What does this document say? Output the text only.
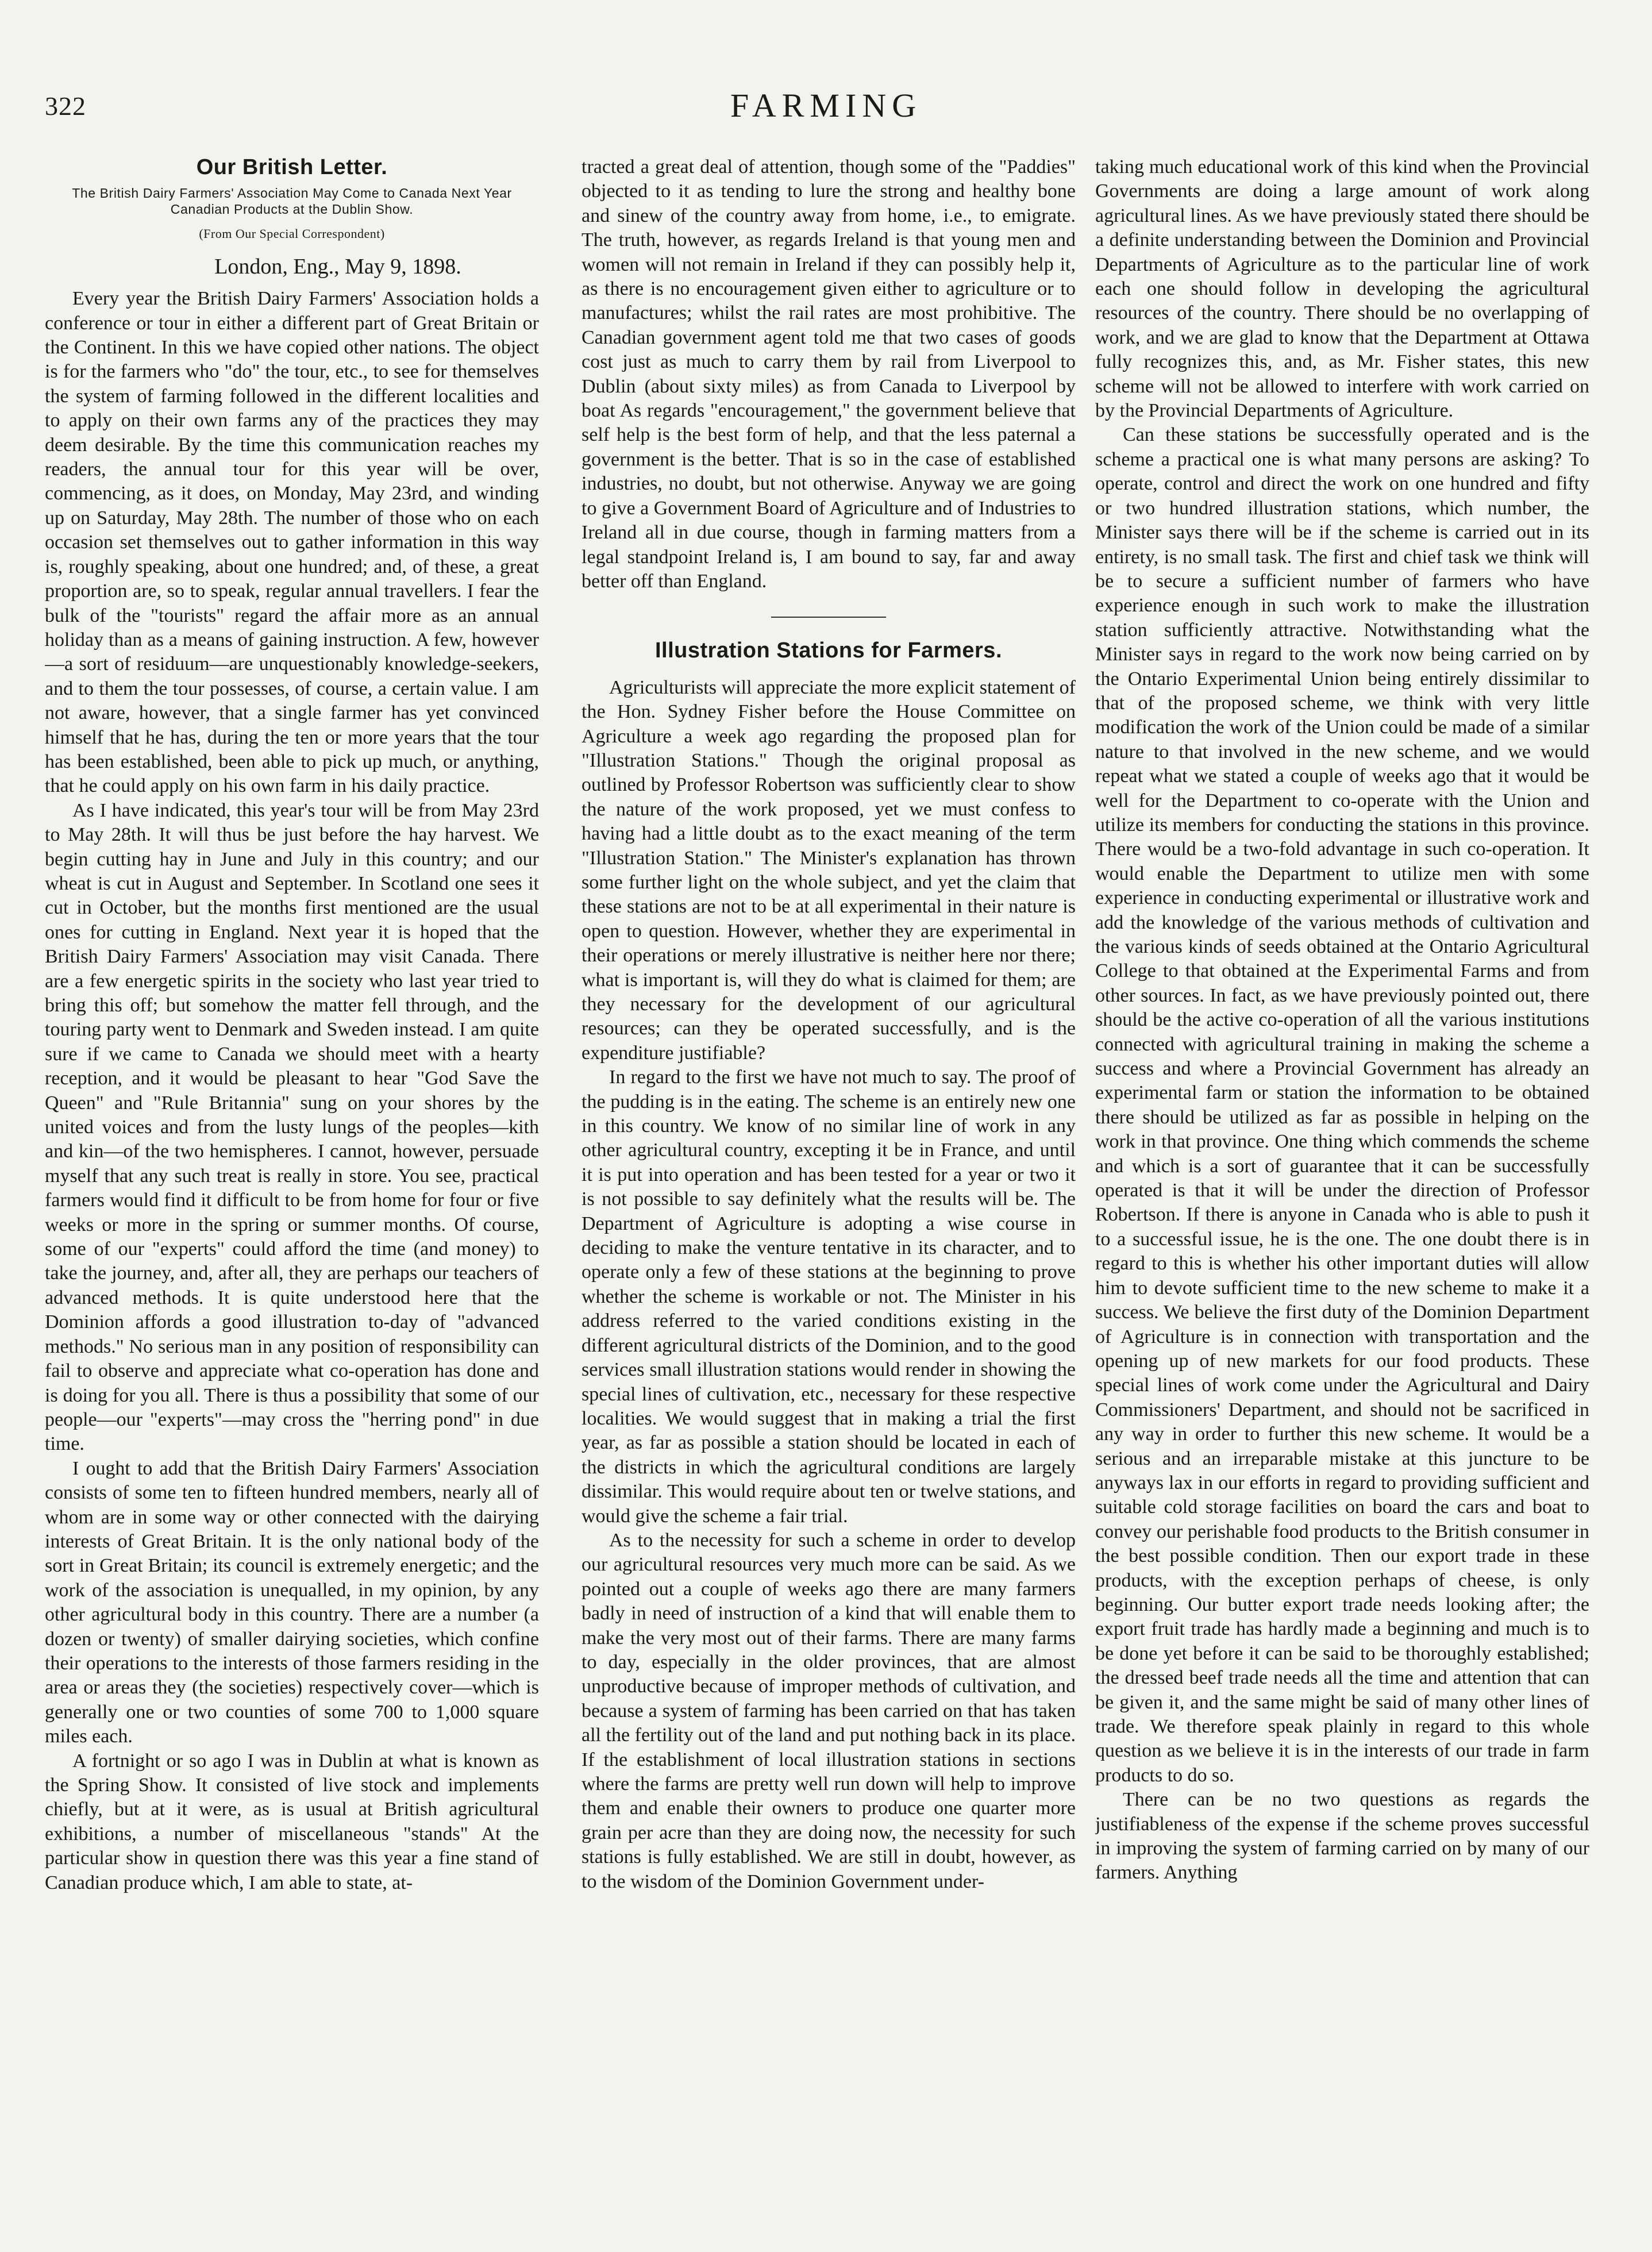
322	FARMING
Our British Letter.
The British Dairy Farmers' Association May Come to Canada Next Year Canadian Products at the Dublin Show.
(From Our Special Correspondent)
London, Eng., May 9, 1898.

Every year the British Dairy Farmers' Association holds a conference or tour in either a different part of Great Britain or the Continent. In this we have copied other nations. The object is for the farmers who "do" the tour, etc., to see for themselves the system of farming followed in the different localities and to apply on their own farms any of the practices they may deem desirable. By the time this communication reaches my readers, the annual tour for this year will be over, commencing, as it does, on Monday, May 23rd, and winding up on Saturday, May 28th. The number of those who on each occasion set themselves out to gather information in this way is, roughly speaking, about one hundred; and, of these, a great proportion are, so to speak, regular annual travellers. I fear the bulk of the "tourists" regard the affair more as an annual holiday than as a means of gaining instruction. A few, however—a sort of residuum—are unquestionably knowledge-seekers, and to them the tour possesses, of course, a certain value. I am not aware, however, that a single farmer has yet convinced himself that he has, during the ten or more years that the tour has been established, been able to pick up much, or anything, that he could apply on his own farm in his daily practice.

As I have indicated, this year's tour will be from May 23rd to May 28th. It will thus be just before the hay harvest. We begin cutting hay in June and July in this country; and our wheat is cut in August and September. In Scotland one sees it cut in October, but the months first mentioned are the usual ones for cutting in England. Next year it is hoped that the British Dairy Farmers' Association may visit Canada. There are a few energetic spirits in the society who last year tried to bring this off; but somehow the matter fell through, and the touring party went to Denmark and Sweden instead. I am quite sure if we came to Canada we should meet with a hearty reception, and it would be pleasant to hear "God Save the Queen" and "Rule Britannia" sung on your shores by the united voices and from the lusty lungs of the peoples—kith and kin—of the two hemispheres. I cannot, however, persuade myself that any such treat is really in store. You see, practical farmers would find it difficult to be from home for four or five weeks or more in the spring or summer months. Of course, some of our "experts" could afford the time (and money) to take the journey, and, after all, they are perhaps our teachers of advanced methods. It is quite understood here that the Dominion affords a good illustration to-day of "advanced methods." No serious man in any position of responsibility can fail to observe and appreciate what co-operation has done and is doing for you all. There is thus a possibility that some of our people—our "experts"—may cross the "herring pond" in due time.

I ought to add that the British Dairy Farmers' Association consists of some ten to fifteen hundred members, nearly all of whom are in some way or other connected with the dairying interests of Great Britain. It is the only national body of the sort in Great Britain; its council is extremely energetic; and the work of the association is unequalled, in my opinion, by any other agricultural body in this country. There are a number (a dozen or twenty) of smaller dairying societies, which confine their operations to the interests of those farmers residing in the area or areas they (the societies) respectively cover—which is generally one or two counties of some 700 to 1,000 square miles each.

A fortnight or so ago I was in Dublin at what is known as the Spring Show. It consisted of live stock and implements chiefly, but at it were, as is usual at British agricultural exhibitions, a number of miscellaneous "stands" At the particular show in question there was this year a fine stand of Canadian produce which, I am able to state, at-

tracted a great deal of attention, though some of the "Paddies" objected to it as tending to lure the strong and healthy bone and sinew of the country away from home, i.e., to emigrate. The truth, however, as regards Ireland is that young men and women will not remain in Ireland if they can possibly help it, as there is no encouragement given either to agriculture or to manufactures; whilst the rail rates are most prohibitive. The Canadian government agent told me that two cases of goods cost just as much to carry them by rail from Liverpool to Dublin (about sixty miles) as from Canada to Liverpool by boat As regards "encouragement," the government believe that self help is the best form of help, and that the less paternal a government is the better. That is so in the case of established industries, no doubt, but not otherwise. Anyway we are going to give a Government Board of Agriculture and of Industries to Ireland all in due course, though in farming matters from a legal standpoint Ireland is, I am bound to say, far and away better off than England.

Illustration Stations for Farmers.

Agriculturists will appreciate the more explicit statement of the Hon. Sydney Fisher before the House Committee on Agriculture a week ago regarding the proposed plan for "Illustration Stations." Though the original proposal as outlined by Professor Robertson was sufficiently clear to show the nature of the work proposed, yet we must confess to having had a little doubt as to the exact meaning of the term "Illustration Station." The Minister's explanation has thrown some further light on the whole subject, and yet the claim that these stations are not to be at all experimental in their nature is open to question. However, whether they are experimental in their operations or merely illustrative is neither here nor there; what is important is, will they do what is claimed for them; are they necessary for the development of our agricultural resources; can they be operated successfully, and is the expenditure justifiable?

In regard to the first we have not much to say. The proof of the pudding is in the eating. The scheme is an entirely new one in this country. We know of no similar line of work in any other agricultural country, excepting it be in France, and until it is put into operation and has been tested for a year or two it is not possible to say definitely what the results will be. The Department of Agriculture is adopting a wise course in deciding to make the venture tentative in its character, and to operate only a few of these stations at the beginning to prove whether the scheme is workable or not. The Minister in his address referred to the varied conditions existing in the different agricultural districts of the Dominion, and to the good services small illustration stations would render in showing the special lines of cultivation, etc., necessary for these respective localities. We would suggest that in making a trial the first year, as far as possible a station should be located in each of the districts in which the agricultural conditions are largely dissimilar. This would require about ten or twelve stations, and would give the scheme a fair trial.

As to the necessity for such a scheme in order to develop our agricultural resources very much more can be said. As we pointed out a couple of weeks ago there are many farmers badly in need of instruction of a kind that will enable them to make the very most out of their farms. There are many farms to day, especially in the older provinces, that are almost unproductive because of improper methods of cultivation, and because a system of farming has been carried on that has taken all the fertility out of the land and put nothing back in its place. If the establishment of local illustration stations in sections where the farms are pretty well run down will help to improve them and enable their owners to produce one quarter more grain per acre than they are doing now, the necessity for such stations is fully established. We are still in doubt, however, as to the wisdom of the Dominion Government under-

taking much educational work of this kind when the Provincial Governments are doing a large amount of work along agricultural lines. As we have previously stated there should be a definite understanding between the Dominion and Provincial Departments of Agriculture as to the particular line of work each one should follow in developing the agricultural resources of the country. There should be no overlapping of work, and we are glad to know that the Department at Ottawa fully recognizes this, and, as Mr. Fisher states, this new scheme will not be allowed to interfere with work carried on by the Provincial Departments of Agriculture.

Can these stations be successfully operated and is the scheme a practical one is what many persons are asking? To operate, control and direct the work on one hundred and fifty or two hundred illustration stations, which number, the Minister says there will be if the scheme is carried out in its entirety, is no small task. The first and chief task we think will be to secure a sufficient number of farmers who have experience enough in such work to make the illustration station sufficiently attractive. Notwithstanding what the Minister says in regard to the work now being carried on by the Ontario Experimental Union being entirely dissimilar to that of the proposed scheme, we think with very little modification the work of the Union could be made of a similar nature to that involved in the new scheme, and we would repeat what we stated a couple of weeks ago that it would be well for the Department to co-operate with the Union and utilize its members for conducting the stations in this province. There would be a two-fold advantage in such co-operation. It would enable the Department to utilize men with some experience in conducting experimental or illustrative work and add the knowledge of the various methods of cultivation and the various kinds of seeds obtained at the Ontario Agricultural College to that obtained at the Experimental Farms and from other sources. In fact, as we have previously pointed out, there should be the active co-operation of all the various institutions connected with agricultural training in making the scheme a success and where a Provincial Government has already an experimental farm or station the information to be obtained there should be utilized as far as possible in helping on the work in that province. One thing which commends the scheme and which is a sort of guarantee that it can be successfully operated is that it will be under the direction of Professor Robertson. If there is anyone in Canada who is able to push it to a successful issue, he is the one. The one doubt there is in regard to this is whether his other important duties will allow him to devote sufficient time to the new scheme to make it a success. We believe the first duty of the Dominion Department of Agriculture is in connection with transportation and the opening up of new markets for our food products. These special lines of work come under the Agricultural and Dairy Commissioners' Department, and should not be sacrificed in any way in order to further this new scheme. It would be a serious and an irreparable mistake at this juncture to be anyways lax in our efforts in regard to providing sufficient and suitable cold storage facilities on board the cars and boat to convey our perishable food products to the British consumer in the best possible condition. Then our export trade in these products, with the exception perhaps of cheese, is only beginning. Our butter export trade needs looking after; the export fruit trade has hardly made a beginning and much is to be done yet before it can be said to be thoroughly established; the dressed beef trade needs all the time and attention that can be given it, and the same might be said of many other lines of trade. We therefore speak plainly in regard to this whole question as we believe it is in the interests of our trade in farm products to do so.

There can be no two questions as regards the justifiableness of the expense if the scheme proves successful in improving the system of farming carried on by many of our farmers. Anything
